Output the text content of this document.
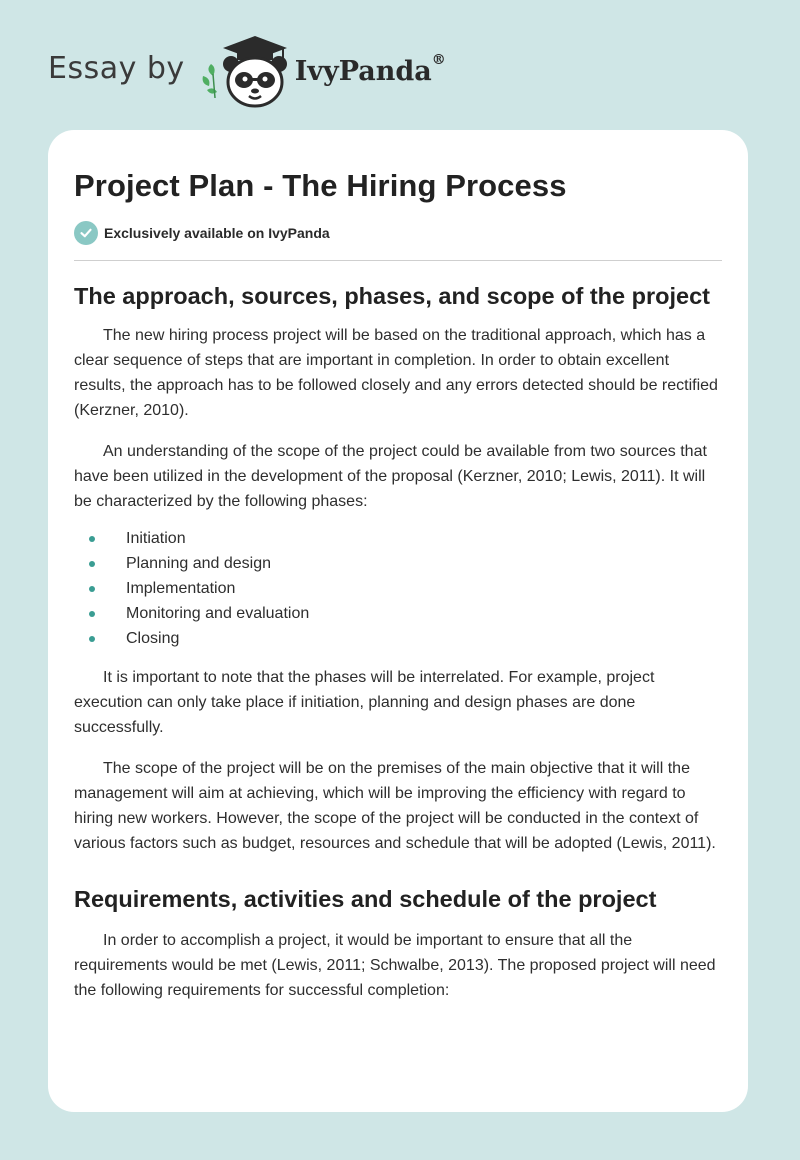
Essay by	IvyPanda®
Project Plan - The Hiring Process
Exclusively available on IvyPanda
The approach, sources, phases, and scope of the project

The new hiring process project will be based on the traditional approach, which has a clear sequence of steps that are important in completion. In order to obtain excellent results, the approach has to be followed closely and any errors detected should be rectified (Kerzner, 2010).

An understanding of the scope of the project could be available from two sources that have been utilized in the development of the proposal (Kerzner, 2010; Lewis, 2011). It will be characterized by the following phases:

Initiation
Planning and design
Implementation
Monitoring and evaluation
Closing

It is important to note that the phases will be interrelated. For example, project execution can only take place if initiation, planning and design phases are done successfully.

The scope of the project will be on the premises of the main objective that it will the management will aim at achieving, which will be improving the efficiency with regard to hiring new workers. However, the scope of the project will be conducted in the context of various factors such as budget, resources and schedule that will be adopted (Lewis, 2011).

Requirements, activities and schedule of the project

In order to accomplish a project, it would be important to ensure that all the requirements would be met (Lewis, 2011; Schwalbe, 2013). The proposed project will need the following requirements for successful completion:
